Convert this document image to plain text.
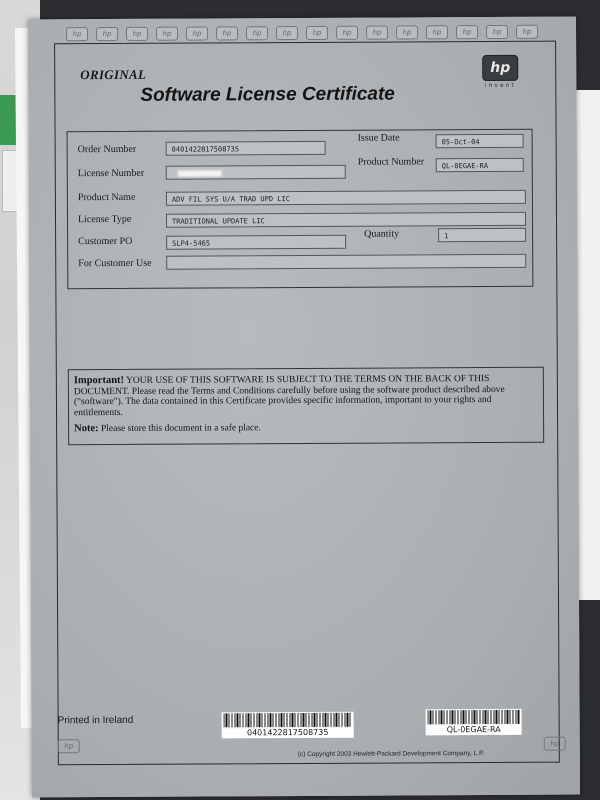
hp	hp	hp	hp	hp	hp	hp	hp	hp	hp	hp	hp	hp	hp	hp	hp
ORIGINAL
Software License Certificate
hp
invent
Order Number	0401422817508735
Issue Date	05-Oct-04
License Number
Product Number	QL-0EGAE-RA
Product Name	ADV FIL SYS U/A TRAD UPD LIC
License Type	TRADITIONAL UPDATE LIC
Customer PO	SLP4-5465
Quantity	1
For Customer Use
Important! YOUR USE OF THIS SOFTWARE IS SUBJECT TO THE TERMS ON THE BACK OF THIS DOCUMENT. Please read the Terms and Conditions carefully before using the software product described above ("software"). The data contained in this Certificate provides specific information, important to your rights and entitlements.
Note: Please store this document in a safe place.
Printed in Ireland
0401422817508735	QL-0EGAE-RA
(c) Copyright 2003 Hewlett-Packard Development Company, L.P.
hp	hp
